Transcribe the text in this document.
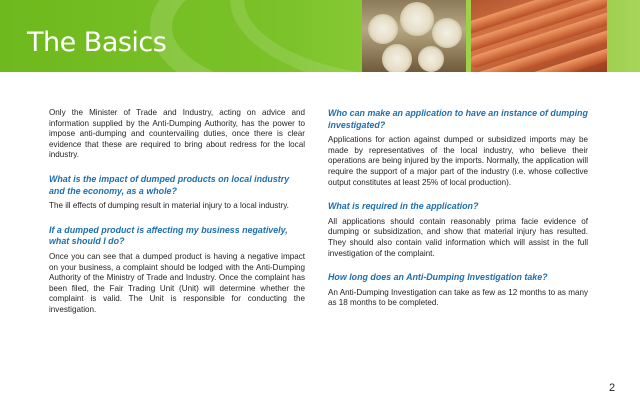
The Basics

Only the Minister of Trade and Industry, acting on advice and information supplied by the Anti-Dumping Authority, has the power to impose anti-dumping and countervailing duties, once there is clear evidence that these are required to bring about redress for the local industry.

What is the impact of dumped products on local industry and the economy, as a whole?

The ill effects of dumping result in material injury to a local industry.

If a dumped product is affecting my business negatively, what should I do?

Once you can see that a dumped product is having a negative impact on your business, a complaint should be lodged with the Anti-Dumping Authority of the Ministry of Trade and Industry. Once the complaint has been filed, the Fair Trading Unit (Unit) will determine whether the complaint is valid. The Unit is responsible for conducting the investigation.

Who can make an application to have an instance of dumping investigated?

Applications for action against dumped or subsidized imports may be made by representatives of the local industry, who believe their operations are being injured by the imports. Normally, the application will require the support of a major part of the industry (i.e. whose collective output constitutes at least 25% of local production).

What is required in the application?

All applications should contain reasonably prima facie evidence of dumping or subsidization, and show that material injury has resulted. They should also contain valid information which will assist in the full investigation of the complaint.

How long does an Anti-Dumping Investigation take?

An Anti-Dumping Investigation can take as few as 12 months to as many as 18 months to be completed.

2
